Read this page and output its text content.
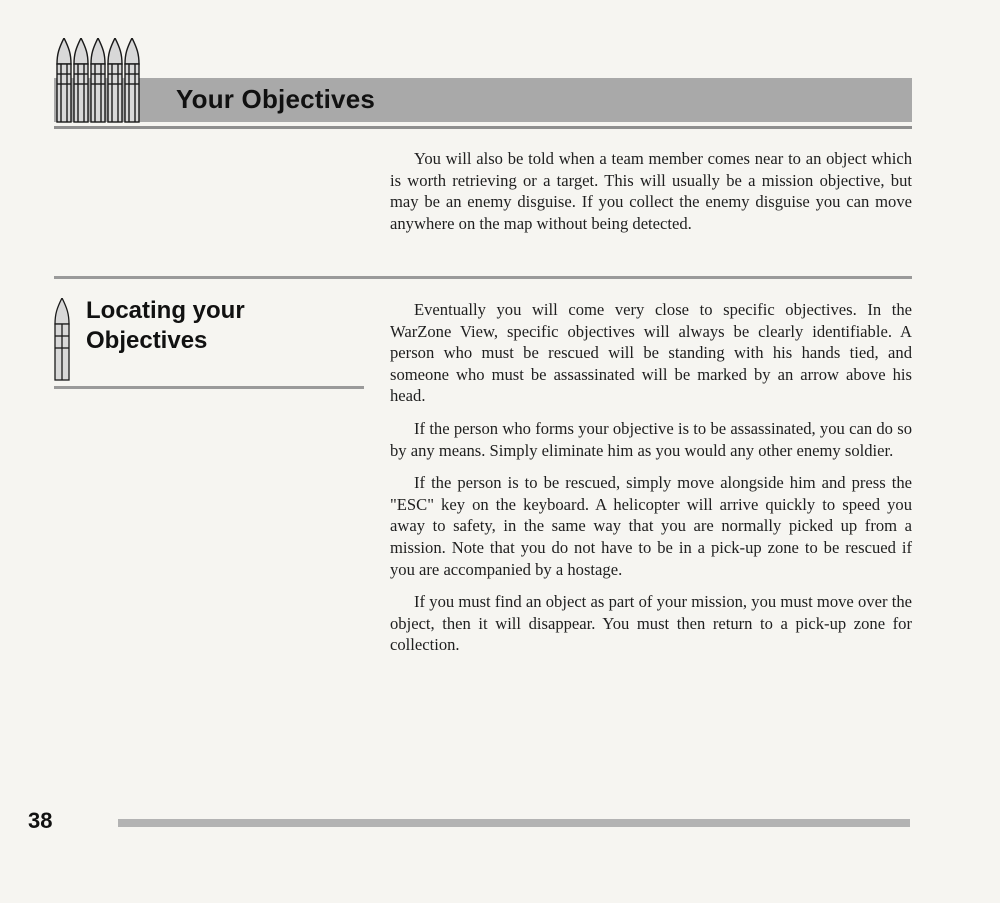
Your Objectives

You will also be told when a team member comes near to an object which is worth retrieving or a target. This will usually be a mission objective, but may be an enemy disguise. If you collect the enemy disguise you can move anywhere on the map without being detected.

Locating your
Objectives

Eventually you will come very close to specific objectives. In the WarZone View, specific objectives will always be clearly identifiable. A person who must be rescued will be standing with his hands tied, and someone who must be assassinated will be marked by an arrow above his head.

If the person who forms your objective is to be assassinated, you can do so by any means. Simply eliminate him as you would any other enemy soldier.

If the person is to be rescued, simply move alongside him and press the "ESC" key on the keyboard. A helicopter will arrive quickly to speed you away to safety, in the same way that you are normally picked up from a mission. Note that you do not have to be in a pick-up zone to be rescued if you are accompanied by a hostage.

If you must find an object as part of your mission, you must move over the object, then it will disappear. You must then return to a pick-up zone for collection.

38
